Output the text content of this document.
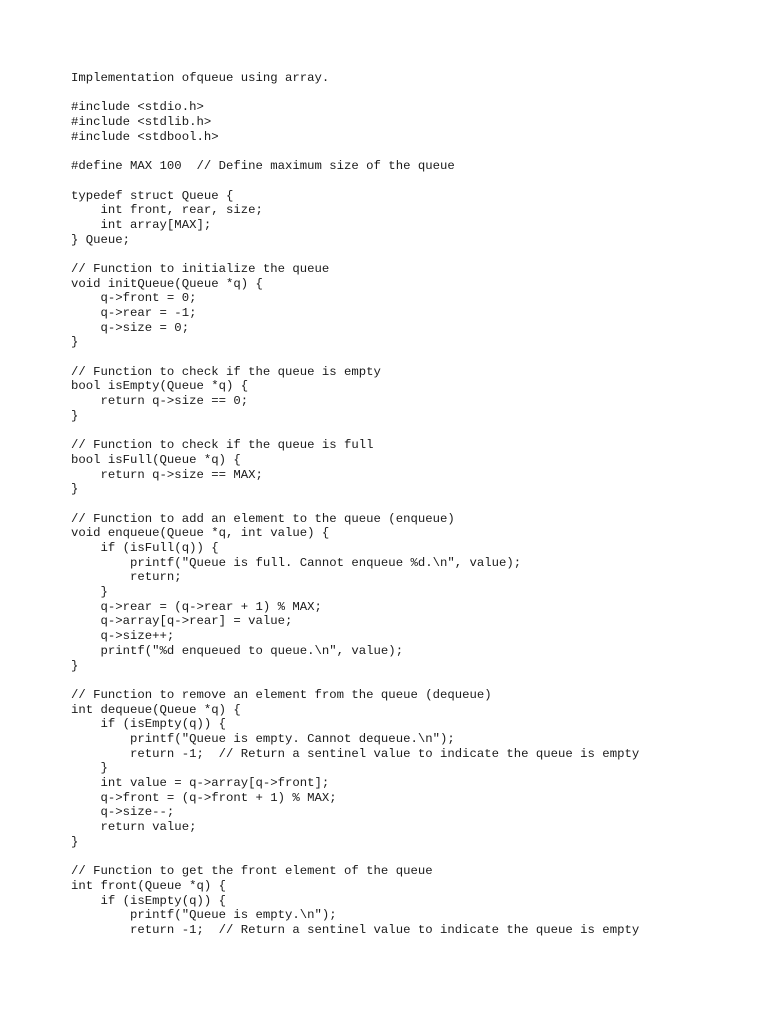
Implementation ofqueue using array.
#include <stdio.h>
#include <stdlib.h>
#include <stdbool.h>
#define MAX 100  // Define maximum size of the queue
typedef struct Queue {
int front, rear, size;
int array[MAX];
} Queue;
// Function to initialize the queue
void initQueue(Queue *q) {
q->front = 0;
q->rear = -1;
q->size = 0;
}
// Function to check if the queue is empty
bool isEmpty(Queue *q) {
return q->size == 0;
}
// Function to check if the queue is full
bool isFull(Queue *q) {
return q->size == MAX;
}
// Function to add an element to the queue (enqueue)
void enqueue(Queue *q, int value) {
if (isFull(q)) {
printf("Queue is full. Cannot enqueue %d.\n", value);
return;
}
q->rear = (q->rear + 1) % MAX;
q->array[q->rear] = value;
q->size++;
printf("%d enqueued to queue.\n", value);
}
// Function to remove an element from the queue (dequeue)
int dequeue(Queue *q) {
if (isEmpty(q)) {
printf("Queue is empty. Cannot dequeue.\n");
return -1;  // Return a sentinel value to indicate the queue is empty
}
int value = q->array[q->front];
q->front = (q->front + 1) % MAX;
q->size--;
return value;
}
// Function to get the front element of the queue
int front(Queue *q) {
if (isEmpty(q)) {
printf("Queue is empty.\n");
return -1;  // Return a sentinel value to indicate the queue is empty
